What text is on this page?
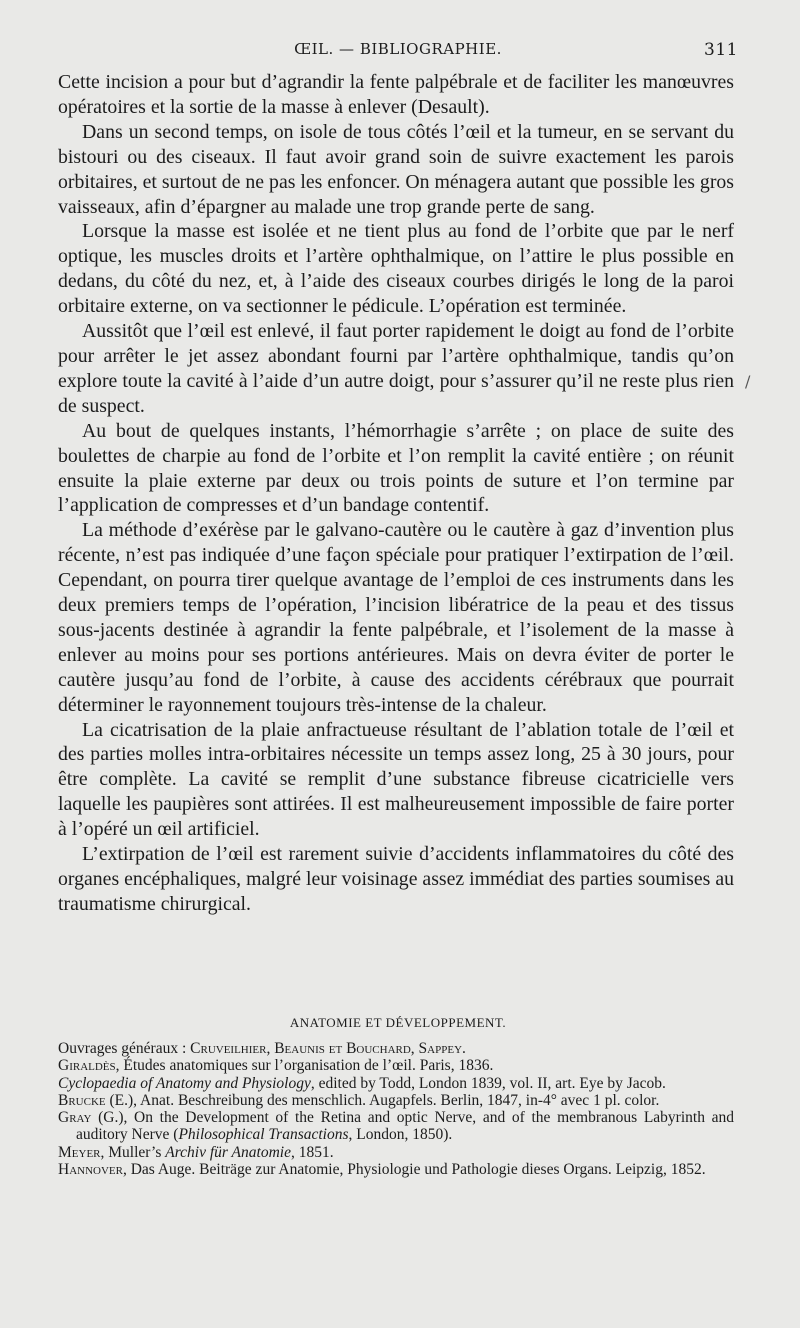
ŒIL. — BIBLIOGRAPHIE.	311

Cette incision a pour but d’agrandir la fente palpébrale et de faciliter les manœuvres opératoires et la sortie de la masse à enlever (Desault).

Dans un second temps, on isole de tous côtés l’œil et la tumeur, en se servant du bistouri ou des ciseaux. Il faut avoir grand soin de suivre exactement les parois orbitaires, et surtout de ne pas les enfoncer. On ménagera autant que possible les gros vaisseaux, afin d’épargner au malade une trop grande perte de sang.

Lorsque la masse est isolée et ne tient plus au fond de l’orbite que par le nerf optique, les muscles droits et l’artère ophthalmique, on l’attire le plus possible en dedans, du côté du nez, et, à l’aide des ciseaux courbes dirigés le long de la paroi orbitaire externe, on va sectionner le pédicule. L’opération est terminée.

Aussitôt que l’œil est enlevé, il faut porter rapidement le doigt au fond de l’orbite pour arrêter le jet assez abondant fourni par l’artère ophthalmique, tandis qu’on explore toute la cavité à l’aide d’un autre doigt, pour s’assurer qu’il ne reste plus rien de suspect.

Au bout de quelques instants, l’hémorrhagie s’arrête ; on place de suite des boulettes de charpie au fond de l’orbite et l’on remplit la cavité entière ; on réunit ensuite la plaie externe par deux ou trois points de suture et l’on termine par l’application de compresses et d’un bandage contentif.

La méthode d’exérèse par le galvano-cautère ou le cautère à gaz d’invention plus récente, n’est pas indiquée d’une façon spéciale pour pratiquer l’extirpation de l’œil. Cependant, on pourra tirer quelque avantage de l’emploi de ces instruments dans les deux premiers temps de l’opération, l’incision libératrice de la peau et des tissus sous-jacents destinée à agrandir la fente palpébrale, et l’isolement de la masse à enlever au moins pour ses portions antérieures. Mais on devra éviter de porter le cautère jusqu’au fond de l’orbite, à cause des accidents cérébraux que pourrait déterminer le rayonnement toujours très-intense de la chaleur.

La cicatrisation de la plaie anfractueuse résultant de l’ablation totale de l’œil et des parties molles intra-orbitaires nécessite un temps assez long, 25 à 30 jours, pour être complète. La cavité se remplit d’une substance fibreuse cicatricielle vers laquelle les paupières sont attirées. Il est malheureusement impossible de faire porter à l’opéré un œil artificiel.

L’extirpation de l’œil est rarement suivie d’accidents inflammatoires du côté des organes encéphaliques, malgré leur voisinage assez immédiat des parties soumises au traumatisme chirurgical.

/
ANATOMIE ET DÉVELOPPEMENT.
Ouvrages généraux : Cruveilhier, Beaunis et Bouchard, Sappey.
Giraldès, Études anatomiques sur l’organisation de l’œil. Paris, 1836.
Cyclopaedia of Anatomy and Physiology, edited by Todd, London 1839, vol. II, art. Eye by Jacob.
Brucke (E.), Anat. Beschreibung des menschlich. Augapfels. Berlin, 1847, in-4° avec 1 pl. color.
Gray (G.), On the Development of the Retina and optic Nerve, and of the membranous Labyrinth and auditory Nerve (Philosophical Transactions, London, 1850).
Meyer, Muller’s Archiv für Anatomie, 1851.
Hannover, Das Auge. Beiträge zur Anatomie, Physiologie und Pathologie dieses Organs. Leipzig, 1852.
